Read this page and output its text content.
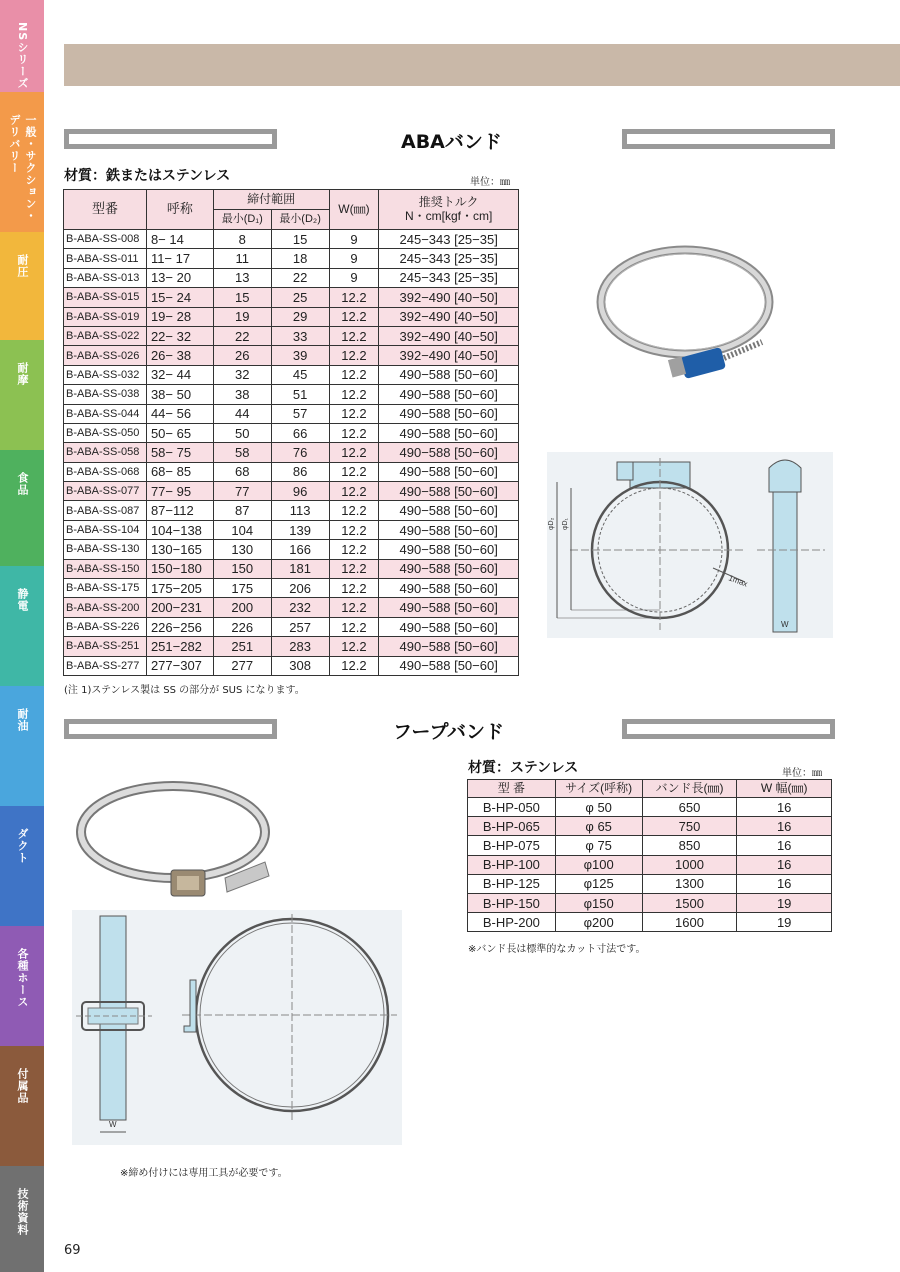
NSシリーズ
一般・サクション・デリバリー
耐圧
耐摩
食品
静電
耐油
ダクト
各種ホース
付属品
技術資料
ABAバンド
材質：鉄またはステンレス	単位：㎜
型番	呼称	締付範囲		W(㎜)	推奨トルク
N・cm[kgf・cm]

		最小(D₁)	最小(D₂)		
B-ABA-SS-008	8− 14	8	15	9	245−343 [25−35]
B-ABA-SS-011	11− 17	11	18	9	245−343 [25−35]
B-ABA-SS-013	13− 20	13	22	9	245−343 [25−35]
B-ABA-SS-015	15− 24	15	25	12.2	392−490 [40−50]
B-ABA-SS-019	19− 28	19	29	12.2	392−490 [40−50]
B-ABA-SS-022	22− 32	22	33	12.2	392−490 [40−50]
B-ABA-SS-026	26− 38	26	39	12.2	392−490 [40−50]
B-ABA-SS-032	32− 44	32	45	12.2	490−588 [50−60]
B-ABA-SS-038	38− 50	38	51	12.2	490−588 [50−60]
B-ABA-SS-044	44− 56	44	57	12.2	490−588 [50−60]
B-ABA-SS-050	50− 65	50	66	12.2	490−588 [50−60]
B-ABA-SS-058	58− 75	58	76	12.2	490−588 [50−60]
B-ABA-SS-068	68− 85	68	86	12.2	490−588 [50−60]
B-ABA-SS-077	77− 95	77	96	12.2	490−588 [50−60]
B-ABA-SS-087	87−112	87	113	12.2	490−588 [50−60]
B-ABA-SS-104	104−138	104	139	12.2	490−588 [50−60]
B-ABA-SS-130	130−165	130	166	12.2	490−588 [50−60]
B-ABA-SS-150	150−180	150	181	12.2	490−588 [50−60]
B-ABA-SS-175	175−205	175	206	12.2	490−588 [50−60]
B-ABA-SS-200	200−231	200	232	12.2	490−588 [50−60]
B-ABA-SS-226	226−256	226	257	12.2	490−588 [50−60]
B-ABA-SS-251	251−282	251	283	12.2	490−588 [50−60]
B-ABA-SS-277	277−307	277	308	12.2	490−588 [50−60]
(注 1)ステンレス製は SS の部分が SUS になります。
φD₂ φD₁
1max
W
フープバンド
材質：ステンレス	単位：㎜
型 番	サイズ(呼称)	バンド長(㎜)	W 幅(㎜)
B-HP-050	φ 50	650	16
B-HP-065	φ 65	750	16
B-HP-075	φ 75	850	16
B-HP-100	φ100	1000	16
B-HP-125	φ125	1300	16
B-HP-150	φ150	1500	19
B-HP-200	φ200	1600	19
※バンド長は標準的なカット寸法です。
W
※締め付けには専用工具が必要です。
69
